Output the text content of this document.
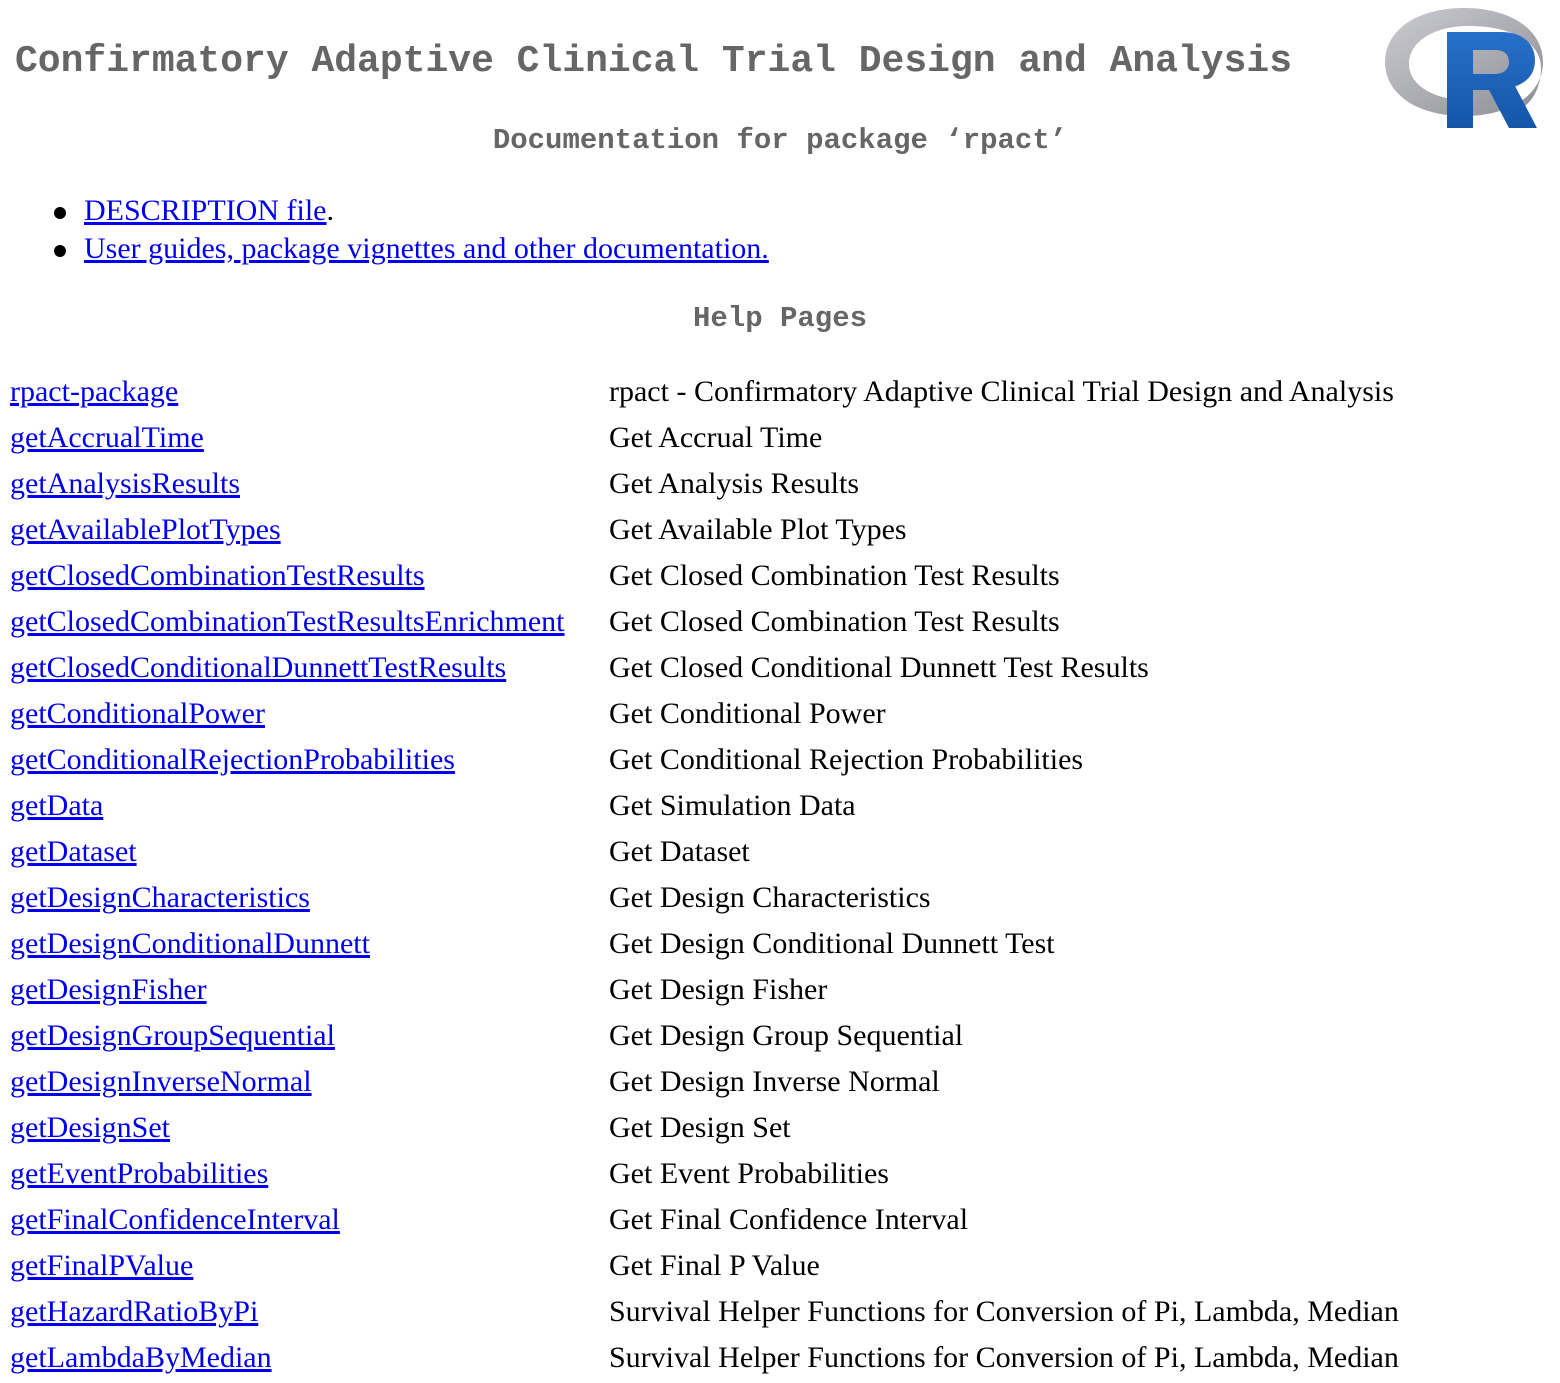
Confirmatory Adaptive Clinical Trial Design and Analysis
Documentation for package ‘rpact’
DESCRIPTION file.
User guides, package vignettes and other documentation.
Help Pages
rpact-package	rpact - Confirmatory Adaptive Clinical Trial Design and Analysis
getAccrualTime	Get Accrual Time
getAnalysisResults	Get Analysis Results
getAvailablePlotTypes	Get Available Plot Types
getClosedCombinationTestResults	Get Closed Combination Test Results
getClosedCombinationTestResultsEnrichment	Get Closed Combination Test Results
getClosedConditionalDunnettTestResults	Get Closed Conditional Dunnett Test Results
getConditionalPower	Get Conditional Power
getConditionalRejectionProbabilities	Get Conditional Rejection Probabilities
getData	Get Simulation Data
getDataset	Get Dataset
getDesignCharacteristics	Get Design Characteristics
getDesignConditionalDunnett	Get Design Conditional Dunnett Test
getDesignFisher	Get Design Fisher
getDesignGroupSequential	Get Design Group Sequential
getDesignInverseNormal	Get Design Inverse Normal
getDesignSet	Get Design Set
getEventProbabilities	Get Event Probabilities
getFinalConfidenceInterval	Get Final Confidence Interval
getFinalPValue	Get Final P Value
getHazardRatioByPi	Survival Helper Functions for Conversion of Pi, Lambda, Median
getLambdaByMedian	Survival Helper Functions for Conversion of Pi, Lambda, Median
